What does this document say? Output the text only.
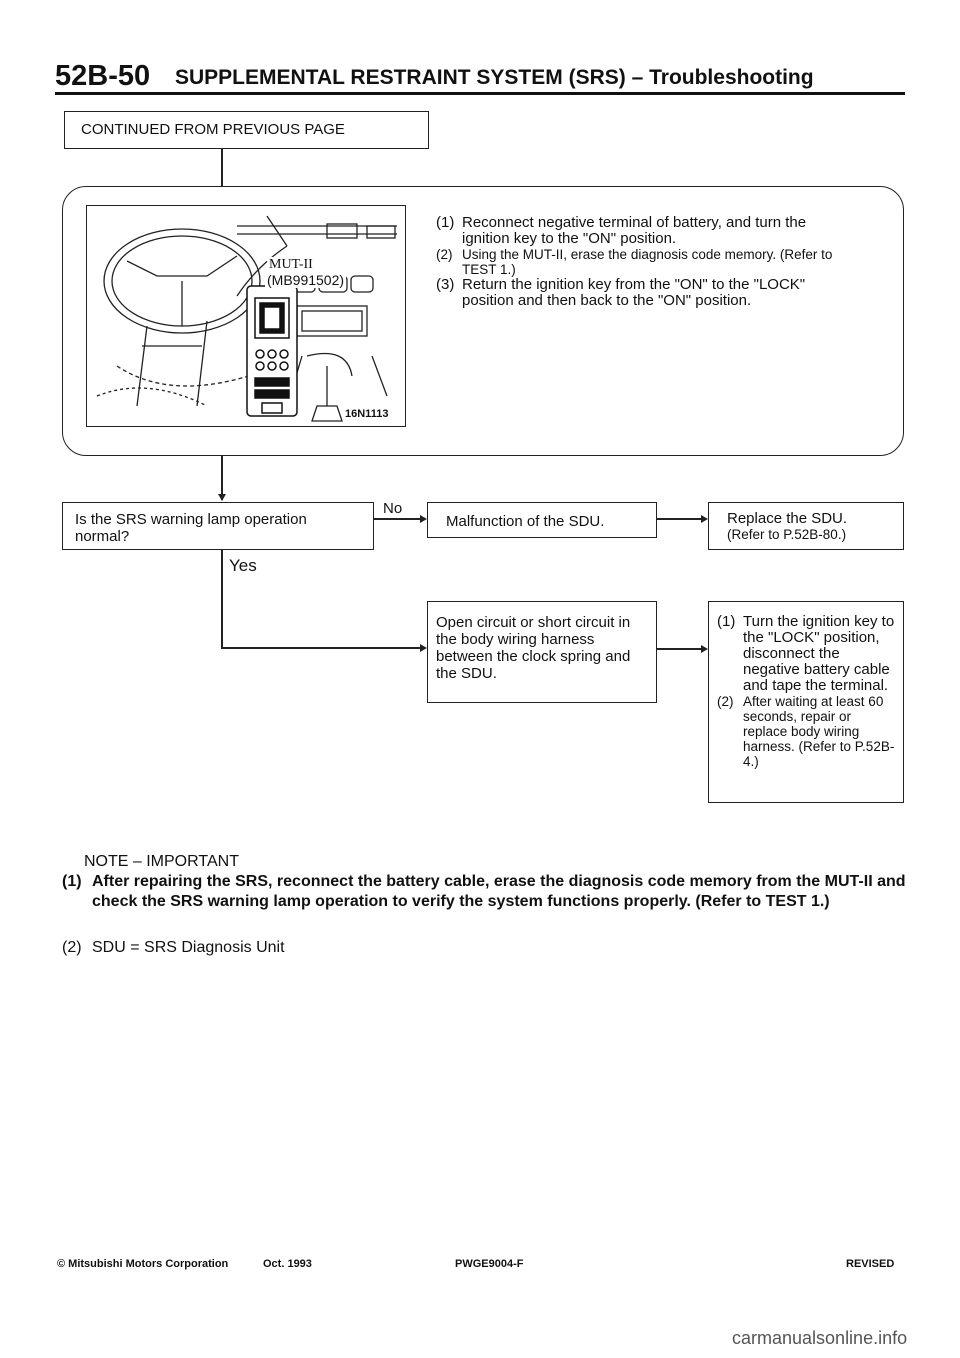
52B-50 SUPPLEMENTAL RESTRAINT SYSTEM (SRS) – Troubleshooting
CONTINUED FROM PREVIOUS PAGE
MUT-II
(MB991502)
16N1113
(1) Reconnect negative terminal of battery, and turn the ignition key to the "ON" position.
(2) Using the MUT-II, erase the diagnosis code memory. (Refer to TEST 1.)
(3) Return the ignition key from the "ON" to the "LOCK" position and then back to the "ON" position.
Is the SRS warning lamp operation normal?
No
Malfunction of the SDU.	Replace the SDU.
(Refer to P.52B-80.)
Yes
Open circuit or short circuit in the body wiring harness between the clock spring and the SDU.
(1) Turn the ignition key to the "LOCK" position, disconnect the negative battery cable and tape the terminal.
(2) After waiting at least 60 seconds, repair or replace body wiring harness. (Refer to P.52B-4.)
NOTE – IMPORTANT
(1) After repairing the SRS, reconnect the battery cable, erase the diagnosis code memory from the MUT-II and check the SRS warning lamp operation to verify the system functions properly. (Refer to TEST 1.)
(2) SDU = SRS Diagnosis Unit
© Mitsubishi Motors Corporation	Oct. 1993	PWGE9004-F	REVISED
carmanualsonline.info
